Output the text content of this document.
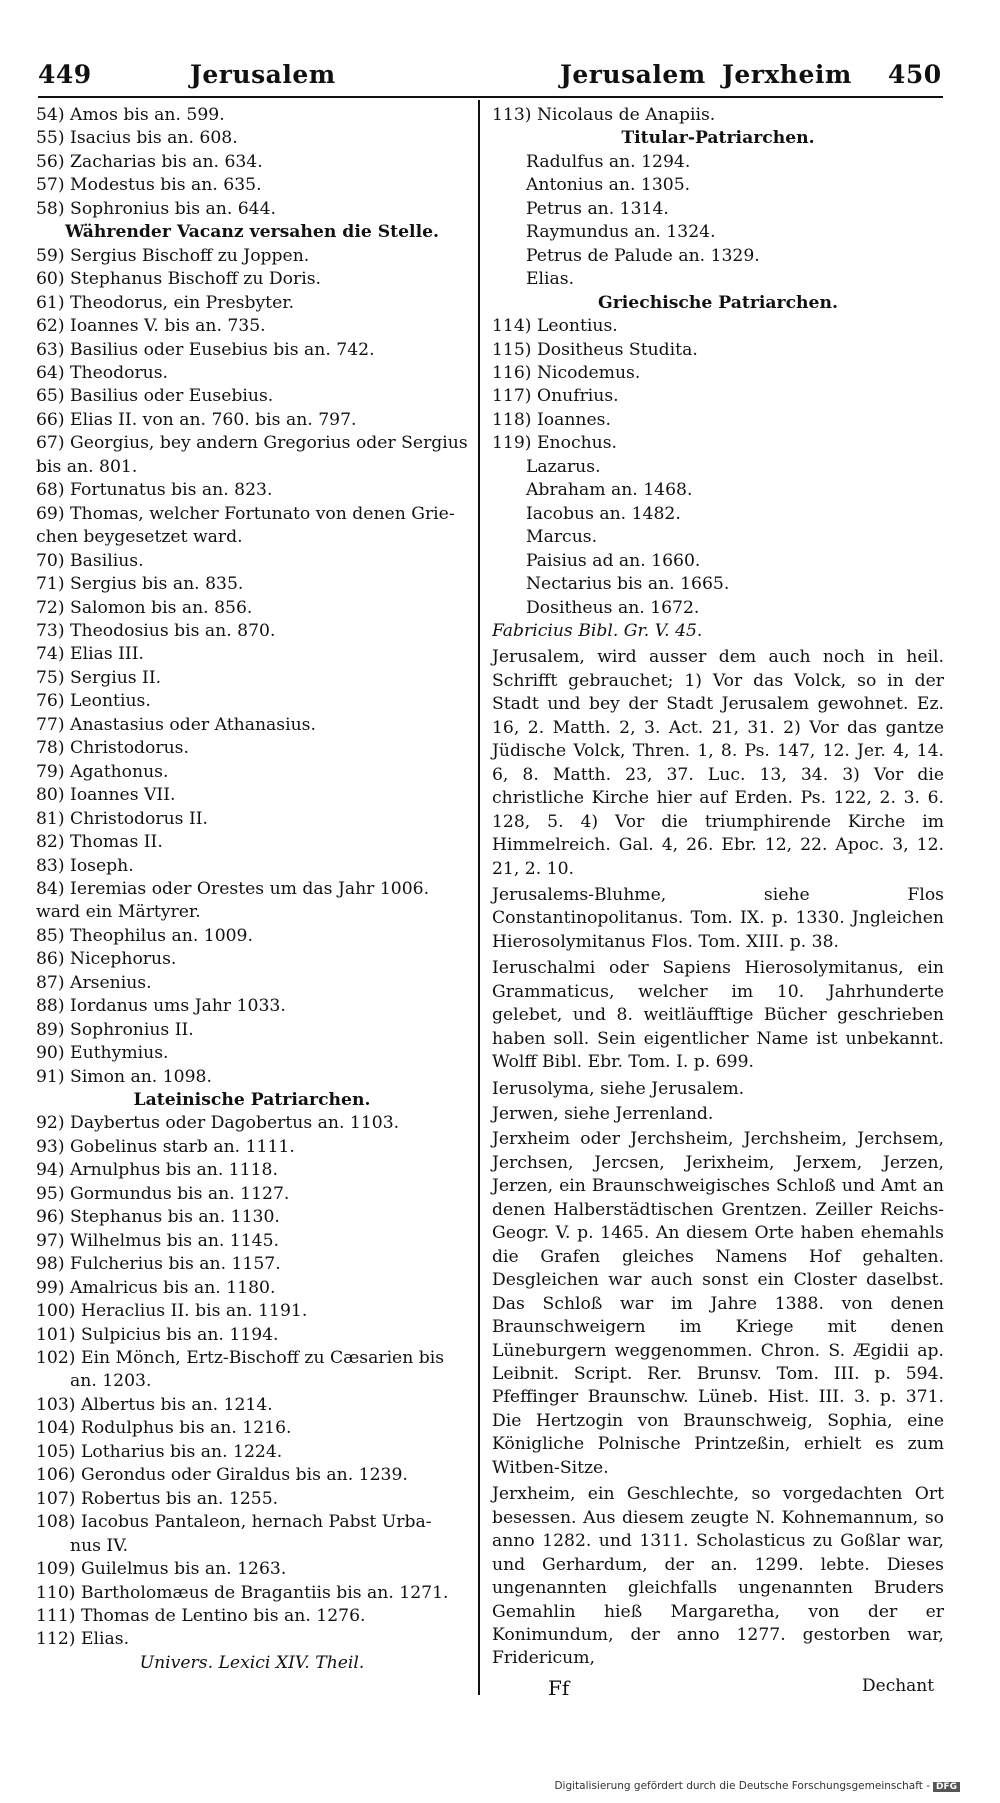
449	Jerusalem	Jerusalem Jerxheim 450
54) Amos bis an. 599.
55) Isacius bis an. 608.
56) Zacharias bis an. 634.
57) Modestus bis an. 635.
58) Sophronius bis an. 644.
Währender Vacanz versahen die Stelle.
59) Sergius Bischoff zu Joppen.
60) Stephanus Bischoff zu Doris.
61) Theodorus, ein Presbyter.
62) Ioannes V. bis an. 735.
63) Basilius oder Eusebius bis an. 742.
64) Theodorus.
65) Basilius oder Eusebius.
66) Elias II. von an. 760. bis an. 797.
67) Georgius, bey andern Gregorius oder Sergius
bis an. 801.
68) Fortunatus bis an. 823.
69) Thomas, welcher Fortunato von denen Grie-
chen beygesetzet ward.
70) Basilius.
71) Sergius bis an. 835.
72) Salomon bis an. 856.
73) Theodosius bis an. 870.
74) Elias III.
75) Sergius II.
76) Leontius.
77) Anastasius oder Athanasius.
78) Christodorus.
79) Agathonus.
80) Ioannes VII.
81) Christodorus II.
82) Thomas II.
83) Ioseph.
84) Ieremias oder Orestes um das Jahr 1006.
ward ein Märtyrer.
85) Theophilus an. 1009.
86) Nicephorus.
87) Arsenius.
88) Iordanus ums Jahr 1033.
89) Sophronius II.
90) Euthymius.
91) Simon an. 1098.
Lateinische Patriarchen.
92) Daybertus oder Dagobertus an. 1103.
93) Gobelinus starb an. 1111.
94) Arnulphus bis an. 1118.
95) Gormundus bis an. 1127.
96) Stephanus bis an. 1130.
97) Wilhelmus bis an. 1145.
98) Fulcherius bis an. 1157.
99) Amalricus bis an. 1180.
100) Heraclius II. bis an. 1191.
101) Sulpicius bis an. 1194.
102) Ein Mönch, Ertz-Bischoff zu Cæsarien bis
an. 1203.
103) Albertus bis an. 1214.
104) Rodulphus bis an. 1216.
105) Lotharius bis an. 1224.
106) Gerondus oder Giraldus bis an. 1239.
107) Robertus bis an. 1255.
108) Iacobus Pantaleon, hernach Pabst Urba-
nus IV.
109) Guilelmus bis an. 1263.
110) Bartholomæus de Bragantiis bis an. 1271.
111) Thomas de Lentino bis an. 1276.
112) Elias.
Univers. Lexici XIV. Theil.
113) Nicolaus de Anapiis.
Titular-Patriarchen.
Radulfus an. 1294.
Antonius an. 1305.
Petrus an. 1314.
Raymundus an. 1324.
Petrus de Palude an. 1329.
Elias.
Griechische Patriarchen.
114) Leontius.
115) Dositheus Studita.
116) Nicodemus.
117) Onufrius.
118) Ioannes.
119) Enochus.
Lazarus.
Abraham an. 1468.
Iacobus an. 1482.
Marcus.
Paisius ad an. 1660.
Nectarius bis an. 1665.
Dositheus an. 1672.
Fabricius Bibl. Gr. V. 45.
Jerusalem, wird ausser dem auch noch in heil. Schrifft gebrauchet; 1) Vor das Volck, so in der Stadt und bey der Stadt Jerusalem gewohnet. Ez. 16, 2. Matth. 2, 3. Act. 21, 31. 2) Vor das gantze Jüdische Volck, Thren. 1, 8. Ps. 147, 12. Jer. 4, 14. 6, 8. Matth. 23, 37. Luc. 13, 34. 3) Vor die christliche Kirche hier auf Erden. Ps. 122, 2. 3. 6. 128, 5. 4) Vor die triumphirende Kirche im Himmelreich. Gal. 4, 26. Ebr. 12, 22. Apoc. 3, 12. 21, 2. 10.
Jerusalems-Bluhme, siehe Flos Constantinopolitanus. Tom. IX. p. 1330. Jngleichen Hierosolymitanus Flos. Tom. XIII. p. 38.
Ieruschalmi oder Sapiens Hierosolymitanus, ein Grammaticus, welcher im 10. Jahrhunderte gelebet, und 8. weitläufftige Bücher geschrieben haben soll. Sein eigentlicher Name ist unbekannt. Wolff Bibl. Ebr. Tom. I. p. 699.
Ierusolyma, siehe Jerusalem.
Jerwen, siehe Jerrenland.
Jerxheim oder Jerchsheim, Jerchsheim, Jerchsem, Jerchsen, Jercsen, Jerixheim, Jerxem, Jerzen, Jerzen, ein Braunschweigisches Schloß und Amt an denen Halberstädtischen Grentzen. Zeiller Reichs-Geogr. V. p. 1465. An diesem Orte haben ehemahls die Grafen gleiches Namens Hof gehalten. Desgleichen war auch sonst ein Closter daselbst. Das Schloß war im Jahre 1388. von denen Braunschweigern im Kriege mit denen Lüneburgern weggenommen. Chron. S. Ægidii ap. Leibnit. Script. Rer. Brunsv. Tom. III. p. 594. Pfeffinger Braunschw. Lüneb. Hist. III. 3. p. 371. Die Hertzogin von Braunschweig, Sophia, eine Königliche Polnische Printzeßin, erhielt es zum Witben-Sitze.
Jerxheim, ein Geschlechte, so vorgedachten Ort besessen. Aus diesem zeugte N. Kohnemannum, so anno 1282. und 1311. Scholasticus zu Goßlar war, und Gerhardum, der an. 1299. lebte. Dieses ungenannten gleichfalls ungenannten Bruders Gemahlin hieß Margaretha, von der er Konimundum, der anno 1277. gestorben war, Fridericum,
Ff	Dechant
Digitalisierung gefördert durch die Deutsche Forschungsgemeinschaft - DFG
